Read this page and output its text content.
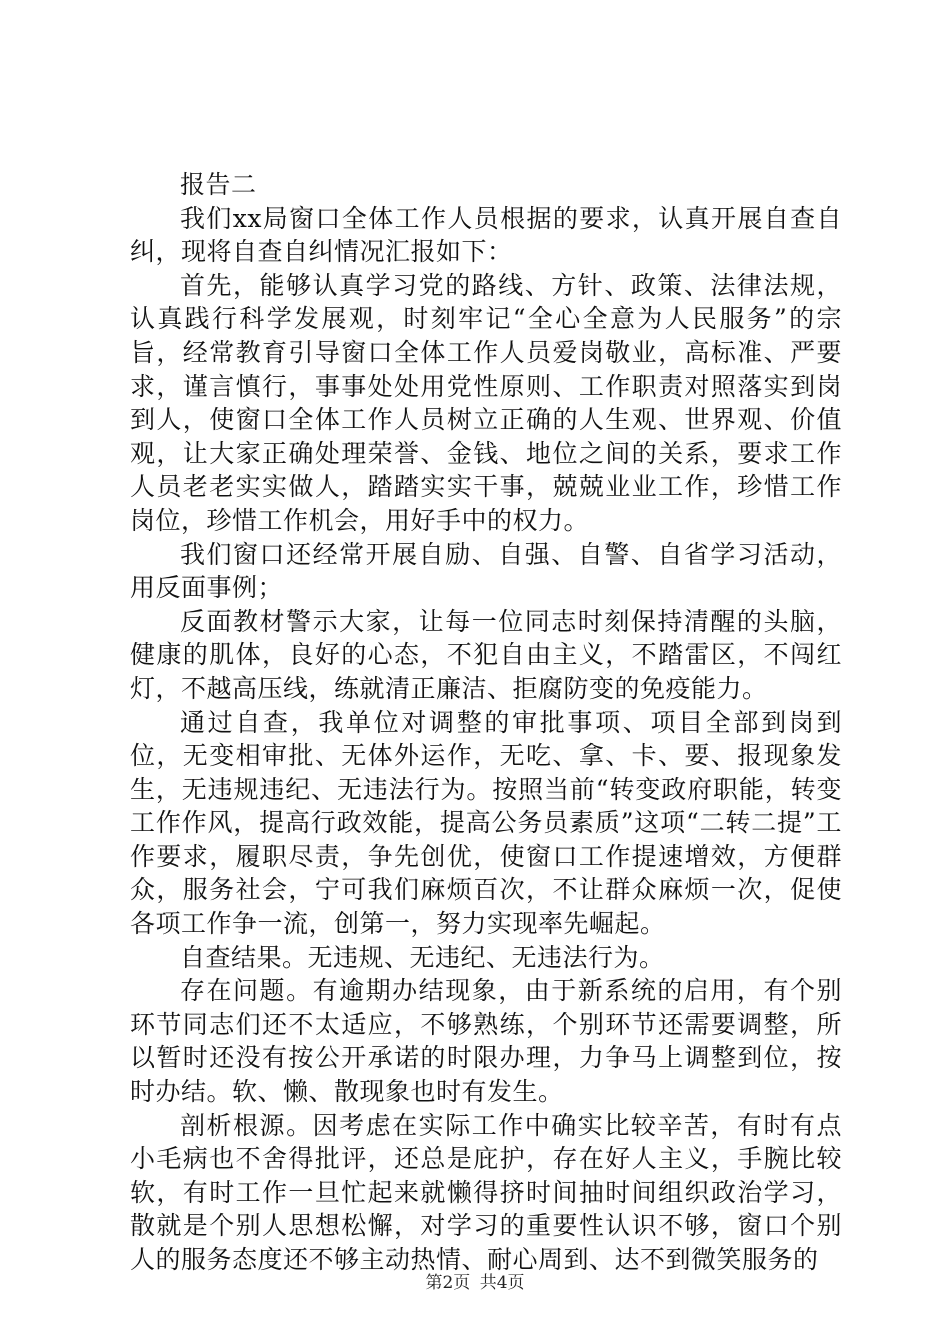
报告二

我们xx局窗口全体工作人员根据的要求，认真开展自查自纠，现将自查自纠情况汇报如下：

首先，能够认真学习党的路线、方针、政策、法律法规，认真践行科学发展观，时刻牢记“全心全意为人民服务”的宗旨，经常教育引导窗口全体工作人员爱岗敬业，高标准、严要求，谨言慎行，事事处处用党性原则、工作职责对照落实到岗到人，使窗口全体工作人员树立正确的人生观、世界观、价值观，让大家正确处理荣誉、金钱、地位之间的关系，要求工作人员老老实实做人，踏踏实实干事，兢兢业业工作，珍惜工作岗位，珍惜工作机会，用好手中的权力。

我们窗口还经常开展自励、自强、自警、自省学习活动，用反面事例；

反面教材警示大家，让每一位同志时刻保持清醒的头脑，健康的肌体，良好的心态，不犯自由主义，不踏雷区，不闯红灯，不越高压线，练就清正廉洁、拒腐防变的免疫能力。

通过自查，我单位对调整的审批事项、项目全部到岗到位，无变相审批、无体外运作，无吃、拿、卡、要、报现象发生，无违规违纪、无违法行为。按照当前“转变政府职能，转变工作作风，提高行政效能，提高公务员素质”这项“二转二提”工作要求，履职尽责，争先创优，使窗口工作提速增效，方便群众，服务社会，宁可我们麻烦百次，不让群众麻烦一次，促使各项工作争一流，创第一，努力实现率先崛起。

自查结果。无违规、无违纪、无违法行为。

存在问题。有逾期办结现象，由于新系统的启用，有个别环节同志们还不太适应，不够熟练，个别环节还需要调整，所以暂时还没有按公开承诺的时限办理，力争马上调整到位，按时办结。软、懒、散现象也时有发生。

剖析根源。因考虑在实际工作中确实比较辛苦，有时有点小毛病也不舍得批评，还总是庇护，存在好人主义，手腕比较软，有时工作一旦忙起来就懒得挤时间抽时间组织政治学习，散就是个别人思想松懈，对学习的重要性认识不够，窗口个别人的服务态度还不够主动热情、耐心周到、达不到微笑服务的

第2页 共4页
